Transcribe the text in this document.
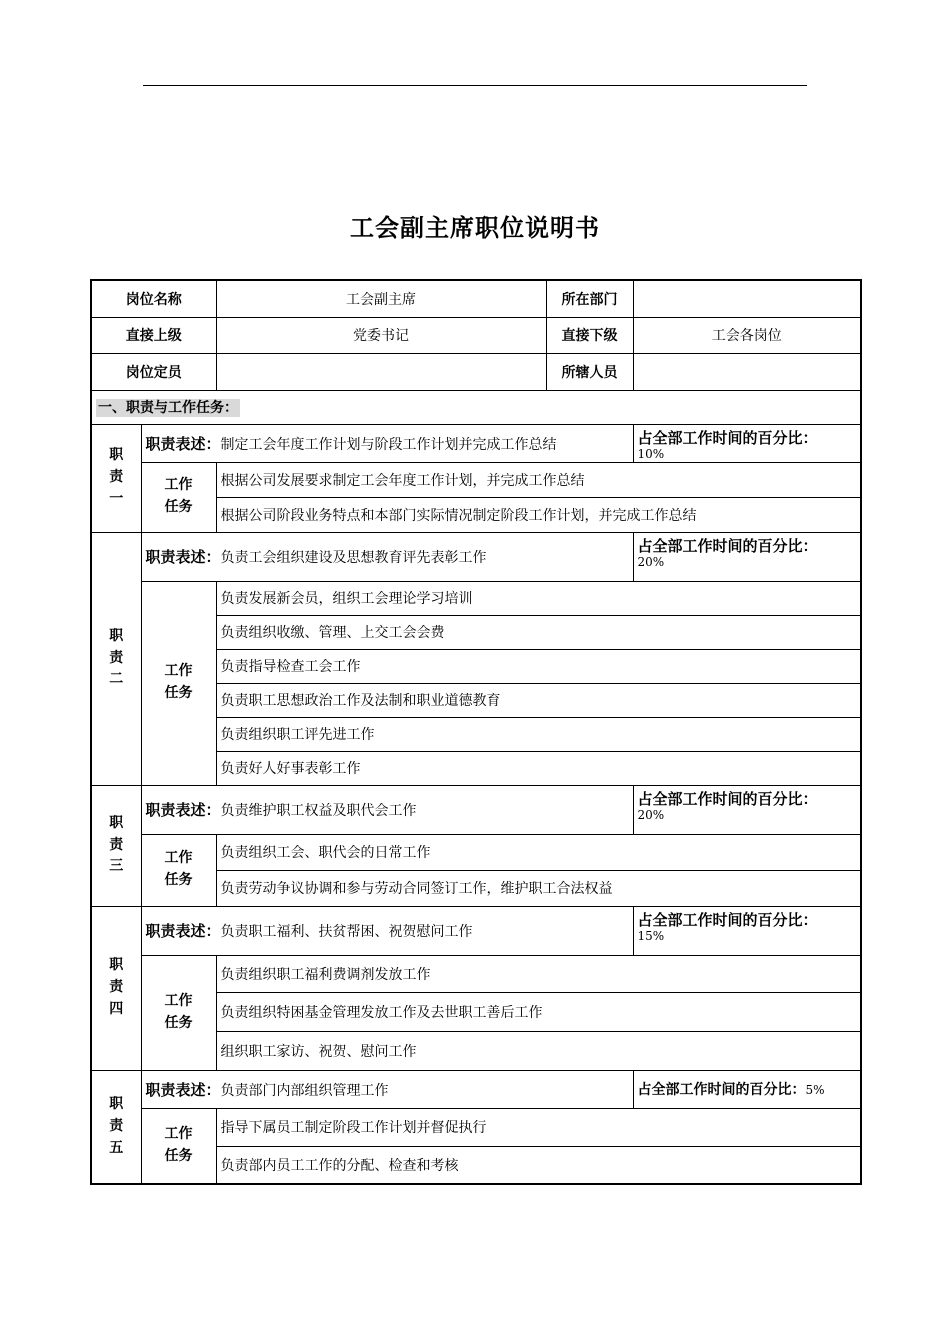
工会副主席职位说明书
岗位名称		工会副主席	所在部门	
直接上级		党委书记	直接下级	工会各岗位
岗位定员			所辖人员	
一、职责与工作任务：				
职责一	职责表述：制定工会年度工作计划与阶段工作计划并完成工作总结			占全部工作时间的百分比：
10%

	工作任务	根据公司发展要求制定工会年度工作计划，并完成工作总结		
		根据公司阶段业务特点和本部门实际情况制定阶段工作计划，并完成工作总结		
职责二	职责表述：负责工会组织建设及思想教育评先表彰工作			占全部工作时间的百分比：
20%

	工作任务	负责发展新会员，组织工会理论学习培训		
		负责组织收缴、管理、上交工会会费		
		负责指导检查工会工作		
		负责职工思想政治工作及法制和职业道德教育		
		负责组织职工评先进工作		
		负责好人好事表彰工作		
职责三	职责表述：负责维护职工权益及职代会工作			占全部工作时间的百分比：
20%

	工作任务	负责组织工会、职代会的日常工作		
		负责劳动争议协调和参与劳动合同签订工作，维护职工合法权益		
职责四	职责表述：负责职工福利、扶贫帮困、祝贺慰问工作			占全部工作时间的百分比：
15%

	工作任务	负责组织职工福利费调剂发放工作		
		负责组织特困基金管理发放工作及去世职工善后工作		
		组织职工家访、祝贺、慰问工作		
职责五	职责表述：负责部门内部组织管理工作			占全部工作时间的百分比：5%
	工作任务	指导下属员工制定阶段工作计划并督促执行		
		负责部内员工工作的分配、检查和考核		
